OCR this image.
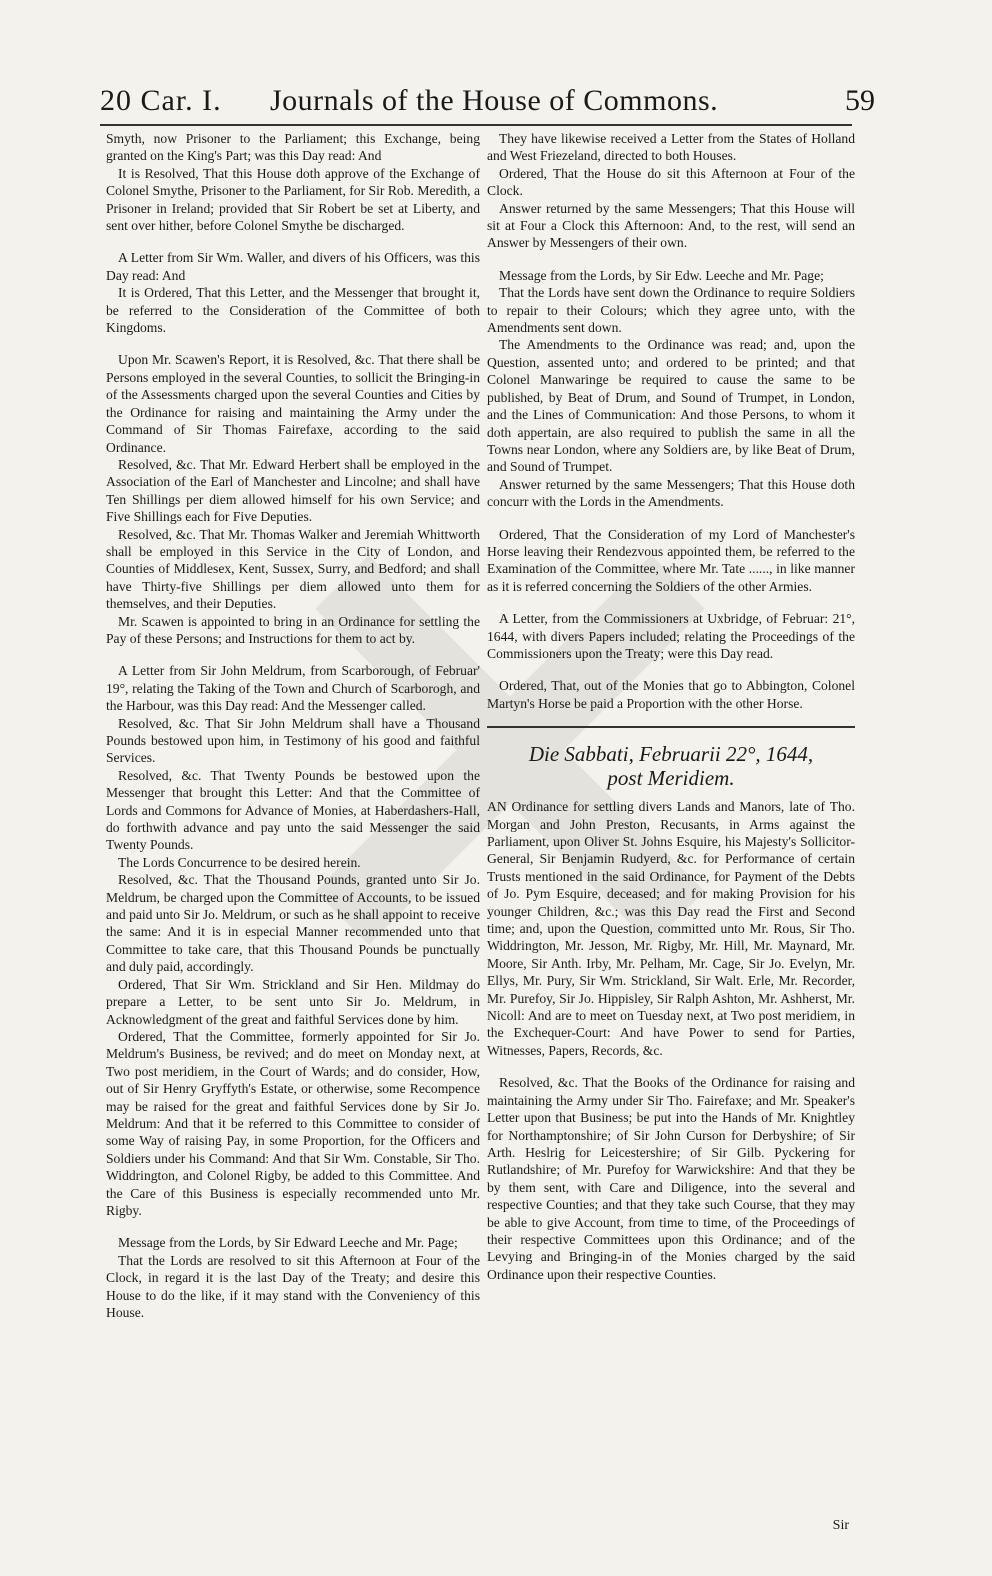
20 Car. I. Journals of the House of Commons.	59

Smyth, now Prisoner to the Parliament; this Exchange, being granted on the King's Part; was this Day read: And

It is Resolved, That this House doth approve of the Exchange of Colonel Smythe, Prisoner to the Parliament, for Sir Rob. Meredith, a Prisoner in Ireland; provided that Sir Robert be set at Liberty, and sent over hither, before Colonel Smythe be discharged.

A Letter from Sir Wm. Waller, and divers of his Officers, was this Day read: And

It is Ordered, That this Letter, and the Messenger that brought it, be referred to the Consideration of the Committee of both Kingdoms.

Upon Mr. Scawen's Report, it is Resolved, &c. That there shall be Persons employed in the several Counties, to sollicit the Bringing-in of the Assessments charged upon the several Counties and Cities by the Ordinance for raising and maintaining the Army under the Command of Sir Thomas Fairefaxe, according to the said Ordinance.

Resolved, &c. That Mr. Edward Herbert shall be employed in the Association of the Earl of Manchester and Lincolne; and shall have Ten Shillings per diem allowed himself for his own Service; and Five Shillings each for Five Deputies.

Resolved, &c. That Mr. Thomas Walker and Jeremiah Whittworth shall be employed in this Service in the City of London, and Counties of Middlesex, Kent, Sussex, Surry, and Bedford; and shall have Thirty-five Shillings per diem allowed unto them for themselves, and their Deputies.

Mr. Scawen is appointed to bring in an Ordinance for settling the Pay of these Persons; and Instructions for them to act by.

A Letter from Sir John Meldrum, from Scarborough, of Februar' 19°, relating the Taking of the Town and Church of Scarborogh, and the Harbour, was this Day read: And the Messenger called.

Resolved, &c. That Sir John Meldrum shall have a Thousand Pounds bestowed upon him, in Testimony of his good and faithful Services.

Resolved, &c. That Twenty Pounds be bestowed upon the Messenger that brought this Letter: And that the Committee of Lords and Commons for Advance of Monies, at Haberdashers-Hall, do forthwith advance and pay unto the said Messenger the said Twenty Pounds.

The Lords Concurrence to be desired herein.

Resolved, &c. That the Thousand Pounds, granted unto Sir Jo. Meldrum, be charged upon the Committee of Accounts, to be issued and paid unto Sir Jo. Meldrum, or such as he shall appoint to receive the same: And it is in especial Manner recommended unto that Committee to take care, that this Thousand Pounds be punctually and duly paid, accordingly.

Ordered, That Sir Wm. Strickland and Sir Hen. Mildmay do prepare a Letter, to be sent unto Sir Jo. Meldrum, in Acknowledgment of the great and faithful Services done by him.

Ordered, That the Committee, formerly appointed for Sir Jo. Meldrum's Business, be revived; and do meet on Monday next, at Two post meridiem, in the Court of Wards; and do consider, How, out of Sir Henry Gryffyth's Estate, or otherwise, some Recompence may be raised for the great and faithful Services done by Sir Jo. Meldrum: And that it be referred to this Committee to consider of some Way of raising Pay, in some Proportion, for the Officers and Soldiers under his Command: And that Sir Wm. Constable, Sir Tho. Widdrington, and Colonel Rigby, be added to this Committee. And the Care of this Business is especially recommended unto Mr. Rigby.

Message from the Lords, by Sir Edward Leeche and Mr. Page;

That the Lords are resolved to sit this Afternoon at Four of the Clock, in regard it is the last Day of the Treaty; and desire this House to do the like, if it may stand with the Conveniency of this House.

They have likewise received a Letter from the States of Holland and West Friezeland, directed to both Houses.

Ordered, That the House do sit this Afternoon at Four of the Clock.

Answer returned by the same Messengers; That this House will sit at Four a Clock this Afternoon: And, to the rest, will send an Answer by Messengers of their own.

Message from the Lords, by Sir Edw. Leeche and Mr. Page;

That the Lords have sent down the Ordinance to require Soldiers to repair to their Colours; which they agree unto, with the Amendments sent down.

The Amendments to the Ordinance was read; and, upon the Question, assented unto; and ordered to be printed; and that Colonel Manwaringe be required to cause the same to be published, by Beat of Drum, and Sound of Trumpet, in London, and the Lines of Communication: And those Persons, to whom it doth appertain, are also required to publish the same in all the Towns near London, where any Soldiers are, by like Beat of Drum, and Sound of Trumpet.

Answer returned by the same Messengers; That this House doth concurr with the Lords in the Amendments.

Ordered, That the Consideration of my Lord of Manchester's Horse leaving their Rendezvous appointed them, be referred to the Examination of the Committee, where Mr. Tate ......, in like manner as it is referred concerning the Soldiers of the other Armies.

A Letter, from the Commissioners at Uxbridge, of Februar: 21°, 1644, with divers Papers included; relating the Proceedings of the Commissioners upon the Treaty; were this Day read.

Ordered, That, out of the Monies that go to Abbington, Colonel Martyn's Horse be paid a Proportion with the other Horse.

Die Sabbati, Februarii 22°, 1644,
post Meridiem.

AN Ordinance for settling divers Lands and Manors, late of Tho. Morgan and John Preston, Recusants, in Arms against the Parliament, upon Oliver St. Johns Esquire, his Majesty's Sollicitor-General, Sir Benjamin Rudyerd, &c. for Performance of certain Trusts mentioned in the said Ordinance, for Payment of the Debts of Jo. Pym Esquire, deceased; and for making Provision for his younger Children, &c.; was this Day read the First and Second time; and, upon the Question, committed unto Mr. Rous, Sir Tho. Widdrington, Mr. Jesson, Mr. Rigby, Mr. Hill, Mr. Maynard, Mr. Moore, Sir Anth. Irby, Mr. Pelham, Mr. Cage, Sir Jo. Evelyn, Mr. Ellys, Mr. Pury, Sir Wm. Strickland, Sir Walt. Erle, Mr. Recorder, Mr. Purefoy, Sir Jo. Hippisley, Sir Ralph Ashton, Mr. Ashherst, Mr. Nicoll: And are to meet on Tuesday next, at Two post meridiem, in the Exchequer-Court: And have Power to send for Parties, Witnesses, Papers, Records, &c.

Resolved, &c. That the Books of the Ordinance for raising and maintaining the Army under Sir Tho. Fairefaxe; and Mr. Speaker's Letter upon that Business; be put into the Hands of Mr. Knightley for Northamptonshire; of Sir John Curson for Derbyshire; of Sir Arth. Heslrig for Leicestershire; of Sir Gilb. Pyckering for Rutlandshire; of Mr. Purefoy for Warwickshire: And that they be by them sent, with Care and Diligence, into the several and respective Counties; and that they take such Course, that they may be able to give Account, from time to time, of the Proceedings of their respective Committees upon this Ordinance; and of the Levying and Bringing-in of the Monies charged by the said Ordinance upon their respective Counties.

Sir
